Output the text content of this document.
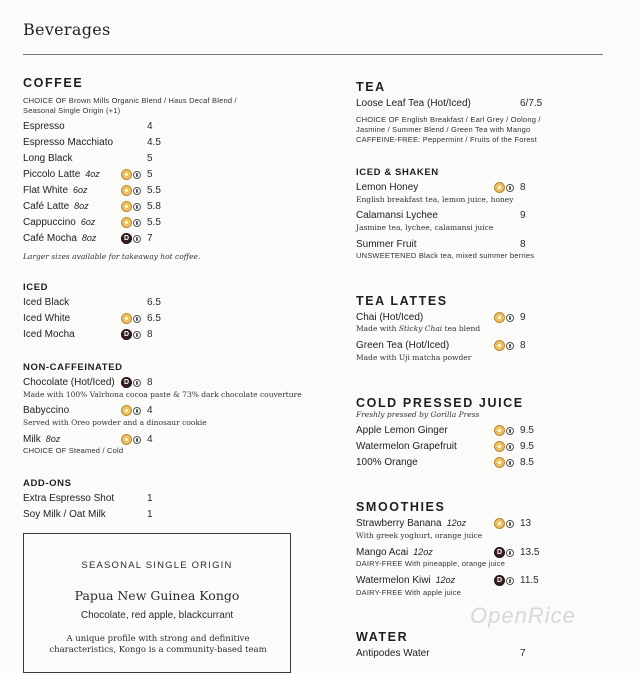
Beverages
COFFEE
CHOICE OF Brown Mills Organic Blend / Haus Decaf Blend /
Seasonal Single Origin (+1)
Espresso	4
Espresso Macchiato	4.5
Long Black	5
Piccolo Latte 4oz	5
Flat White 6oz	5.5
Café Latte 8oz	5.8
Cappuccino 6oz	5.5
Café Mocha 8oz	D 7
Larger sizes available for takeaway hot coffee.
ICED
Iced Black	6.5
Iced White	6.5
Iced Mocha	D 8
NON-CAFFEINATED
Chocolate (Hot/Iced)	D 8
Made with 100% Valrhona cocoa paste & 73% dark chocolate couverture
Babyccino	4
Served with Oreo powder and a dinosaur cookie
Milk 8oz	4
CHOICE OF Steamed / Cold
ADD-ONS
Extra Espresso Shot	1
Soy Milk / Oat Milk	1
SEASONAL SINGLE ORIGIN
Papua New Guinea Kongo
Chocolate, red apple, blackcurrant
A unique profile with strong and definitive
characteristics, Kongo is a community-based team
TEA
Loose Leaf Tea (Hot/Iced)	6/7.5
CHOICE OF English Breakfast / Earl Grey / Oolong /
Jasmine / Summer Blend / Green Tea with Mango
CAFFEINE-FREE: Peppermint / Fruits of the Forest
ICED & SHAKEN
Lemon Honey	8
English breakfast tea, lemon juice, honey
Calamansi Lychee	9
Jasmine tea, lychee, calamansi juice
Summer Fruit	8
UNSWEETENED Black tea, mixed summer berries
TEA LATTES
Chai (Hot/Iced)	9
Made with Sticky Chai tea blend
Green Tea (Hot/Iced)	8
Made with Uji matcha powder
COLD PRESSED JUICE
Freshly pressed by Gorilla Press
Apple Lemon Ginger	9.5
Watermelon Grapefruit	9.5
100% Orange	8.5
SMOOTHIES
Strawberry Banana 12oz	13
With greek yoghurt, orange juice
Mango Acai 12oz	D 13.5
DAIRY-FREE With pineapple, orange juice
Watermelon Kiwi 12oz	D 11.5
DAIRY-FREE With apple juice
WATER
Antipodes Water	7
OpenRice
